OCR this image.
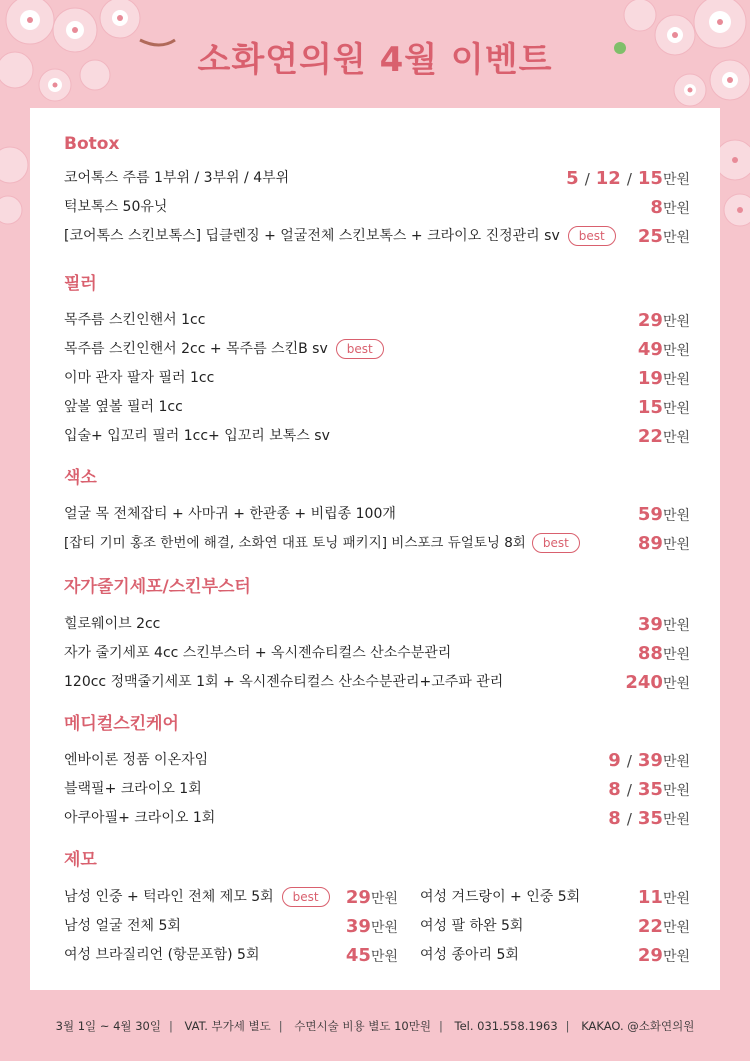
소화연의원 4월 이벤트
Botox
코어톡스 주름 1부위 / 3부위 / 4부위	5 / 12 / 15만원
턱보톡스 50유닛	8만원
[코어톡스 스킨보톡스] 딥클렌징 + 얼굴전체 스킨보톡스 + 크라이오 진정관리 sv best	25만원
필러
목주름 스킨인핸서 1cc	29만원
목주름 스킨인핸서 2cc + 목주름 스킨B sv best	49만원
이마 관자 팔자 필러 1cc	19만원
앞볼 옆볼 필러 1cc	15만원
입술+ 입꼬리 필러 1cc+ 입꼬리 보톡스 sv	22만원
색소
얼굴 목 전체잡티 + 사마귀 + 한관종 + 비립종 100개	59만원
[잡티 기미 홍조 한번에 해결, 소화연 대표 토닝 패키지] 비스포크 듀얼토닝 8회 best	89만원
자가줄기세포/스킨부스터
힐로웨이브 2cc	39만원
자가 줄기세포 4cc 스킨부스터 + 옥시젠슈티컬스 산소수분관리	88만원
120cc 정맥줄기세포 1회 + 옥시젠슈티컬스 산소수분관리+고주파 관리	240만원
메디컬스킨케어
엔바이론 정품 이온자임	9 / 39만원
블랙필+ 크라이오 1회	8 / 35만원
아쿠아필+ 크라이오 1회	8 / 35만원
제모
남성 인중 + 턱라인 전체 제모 5회 best	29만원 여성 겨드랑이 + 인중 5회	11만원
남성 얼굴 전체 5회	39만원 여성 팔 하완 5회	22만원
여성 브라질리언 (항문포함) 5회	45만원 여성 종아리 5회	29만원
3월 1일 ~ 4월 30일 | VAT. 부가세 별도 | 수면시술 비용 별도 10만원 | Tel. 031.558.1963 | KAKAO. @소화연의원
